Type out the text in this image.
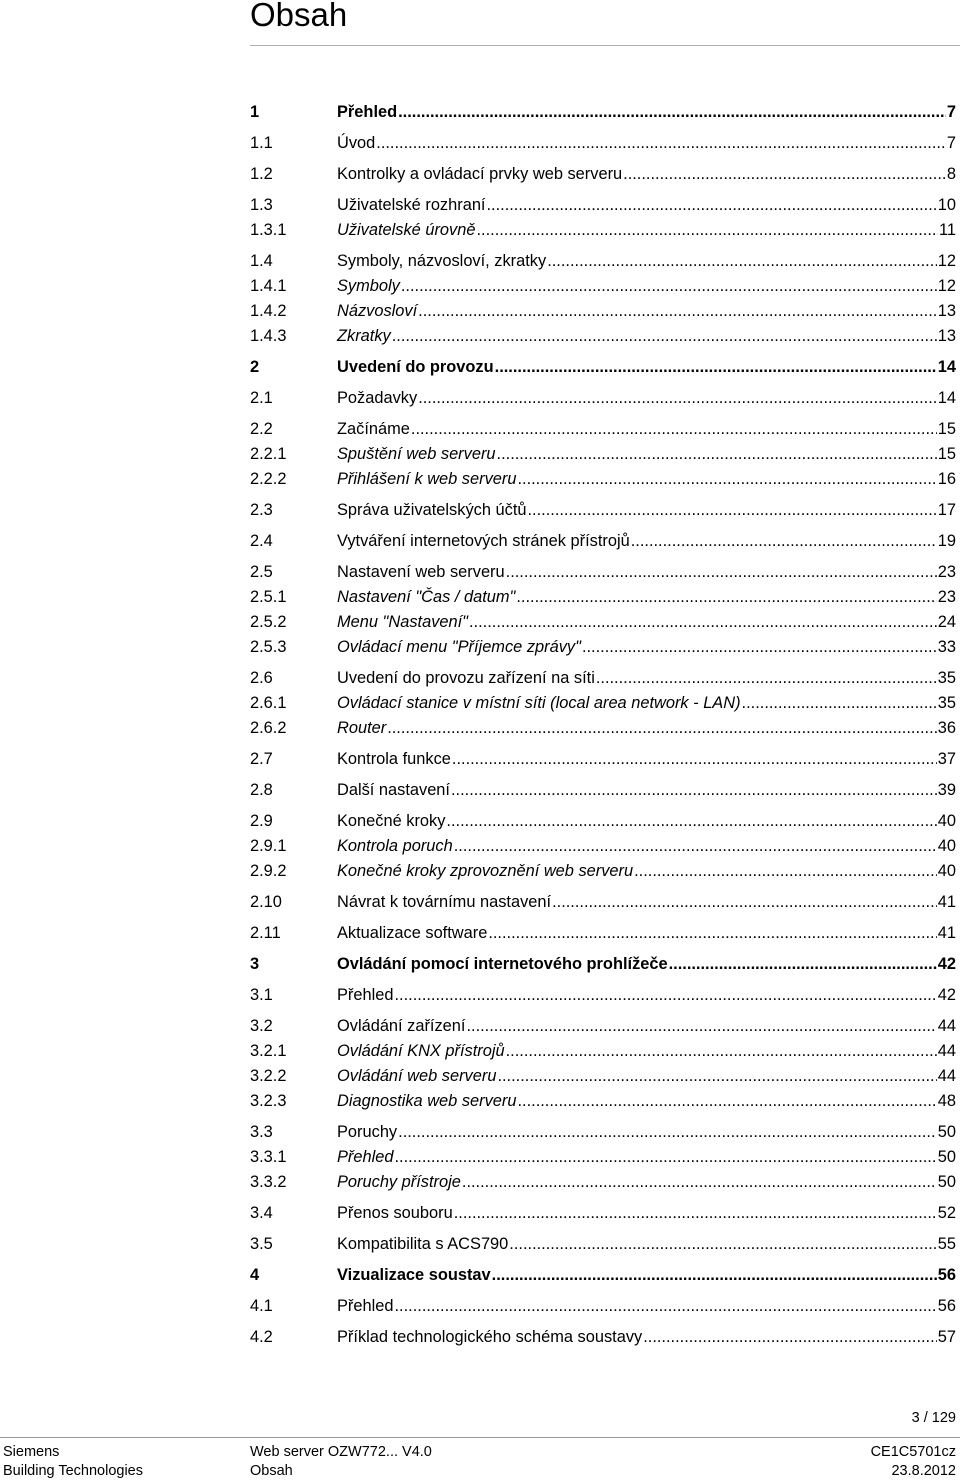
Obsah
1	Přehled .....	7
1.1	Úvod .....	7
1.2	Kontrolky a ovládací prvky web serveru .....	8
1.3	Uživatelské rozhraní .....	10
1.3.1	Uživatelské úrovně .....	11
1.4	Symboly, názvosloví, zkratky .....	12
1.4.1	Symboly .....	12
1.4.2	Názvosloví .....	13
1.4.3	Zkratky .....	13
2	Uvedení do provozu .....	14
2.1	Požadavky .....	14
2.2	Začínáme .....	15
2.2.1	Spuštění web serveru .....	15
2.2.2	Přihlášení k web serveru .....	16
2.3	Správa uživatelských účtů .....	17
2.4	Vytváření internetových stránek přístrojů .....	19
2.5	Nastavení web serveru .....	23
2.5.1	Nastavení "Čas / datum" .....	23
2.5.2	Menu "Nastavení" .....	24
2.5.3	Ovládací menu "Příjemce zprávy" .....	33
2.6	Uvedení do provozu zařízení na síti .....	35
2.6.1	Ovládací stanice v místní síti (local area network - LAN) .....	35
2.6.2	Router .....	36
2.7	Kontrola funkce .....	37
2.8	Další nastavení .....	39
2.9	Konečné kroky .....	40
2.9.1	Kontrola poruch .....	40
2.9.2	Konečné kroky zprovoznění web serveru .....	40
2.10	Návrat k továrnímu nastavení .....	41
2.11	Aktualizace software .....	41
3	Ovládání pomocí internetového prohlížeče .....	42
3.1	Přehled .....	42
3.2	Ovládání zařízení .....	44
3.2.1	Ovládání KNX přístrojů .....	44
3.2.2	Ovládání web serveru .....	44
3.2.3	Diagnostika web serveru .....	48
3.3	Poruchy .....	50
3.3.1	Přehled .....	50
3.3.2	Poruchy přístroje .....	50
3.4	Přenos souboru .....	52
3.5	Kompatibilita s ACS790 .....	55
4	Vizualizace soustav .....	56
4.1	Přehled .....	56
4.2	Příklad technologického schéma soustavy .....	57
3 / 129
Siemens
Building Technologies
Web server OZW772... V4.0
Obsah
CE1C5701cz
23.8.2012
